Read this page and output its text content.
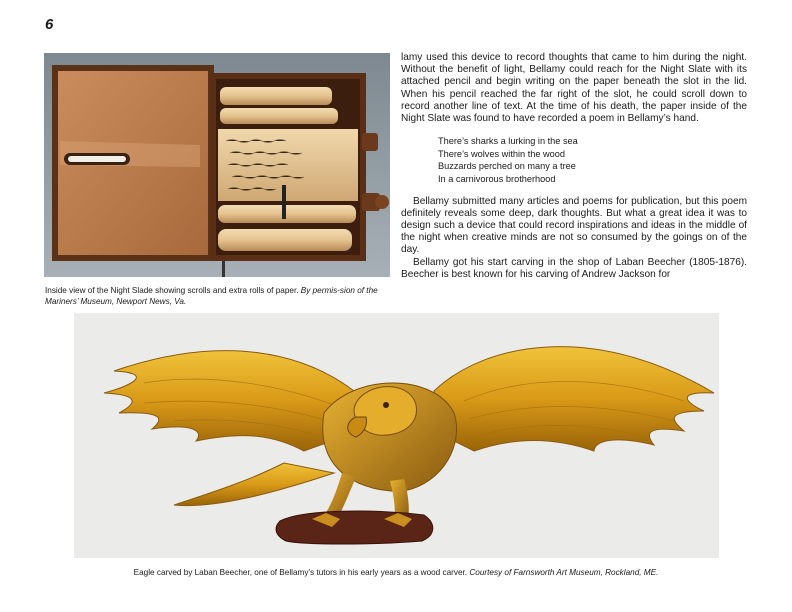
6
Inside view of the Night Slade showing scrolls and extra rolls of paper. By permis-sion of the Mariners’ Museum, Newport News, Va.

lamy used this device to record thoughts that came to him during the night. Without the benefit of light, Bellamy could reach for the Night Slate with its attached pencil and begin writing on the paper beneath the slot in the lid. When his pencil reached the far right of the slot, he could scroll down to record another line of text. At the time of his death, the paper inside of the Night Slate was found to have recorded a poem in Bellamy’s hand.

There’s sharks a lurking in the sea
There’s wolves within the wood
Buzzards perched on many a tree
In a carnivorous brotherhood

Bellamy submitted many articles and poems for publication, but this poem definitely reveals some deep, dark thoughts. But what a great idea it was to design such a device that could record inspirations and ideas in the middle of the night when creative minds are not so consumed by the goings on of the day.

Bellamy got his start carving in the shop of Laban Beecher (1805-1876). Beecher is best known for his carving of Andrew Jackson for

Eagle carved by Laban Beecher, one of Bellamy’s tutors in his early years as a wood carver. Courtesy of Farnsworth Art Museum, Rockland, ME.
